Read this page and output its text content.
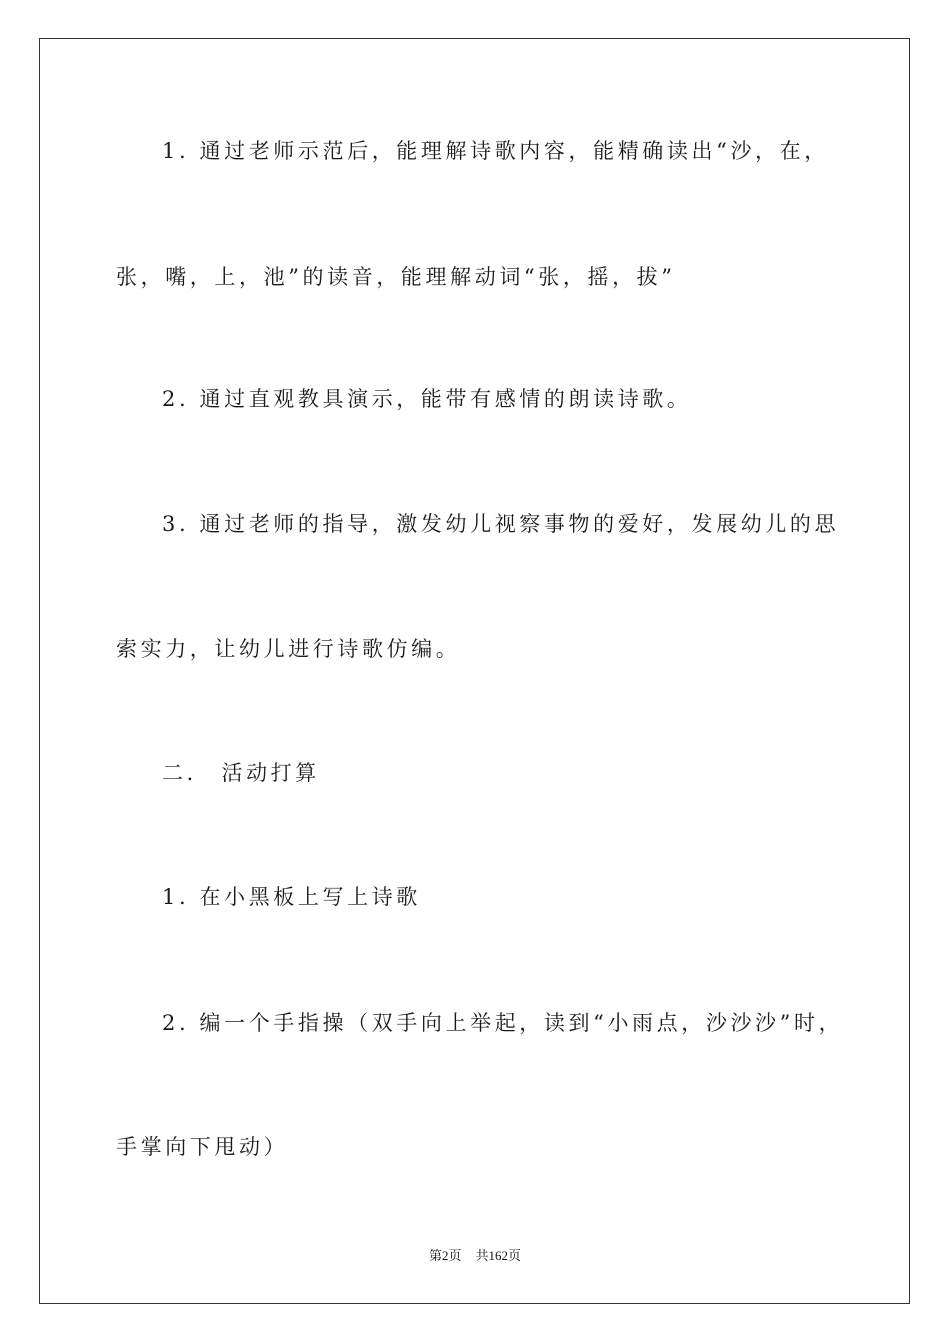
1. 通过老师示范后，能理解诗歌内容，能精确读出“沙，在，
张，嘴，上，池”的读音，能理解动词“张，摇，拔”
2. 通过直观教具演示，能带有感情的朗读诗歌。
3. 通过老师的指导，激发幼儿视察事物的爱好，发展幼儿的思
索实力，让幼儿进行诗歌仿编。
二． 活动打算
1. 在小黑板上写上诗歌
2. 编一个手指操（双手向上举起，读到“小雨点，沙沙沙”时，
手掌向下甩动）
第2页 共162页
